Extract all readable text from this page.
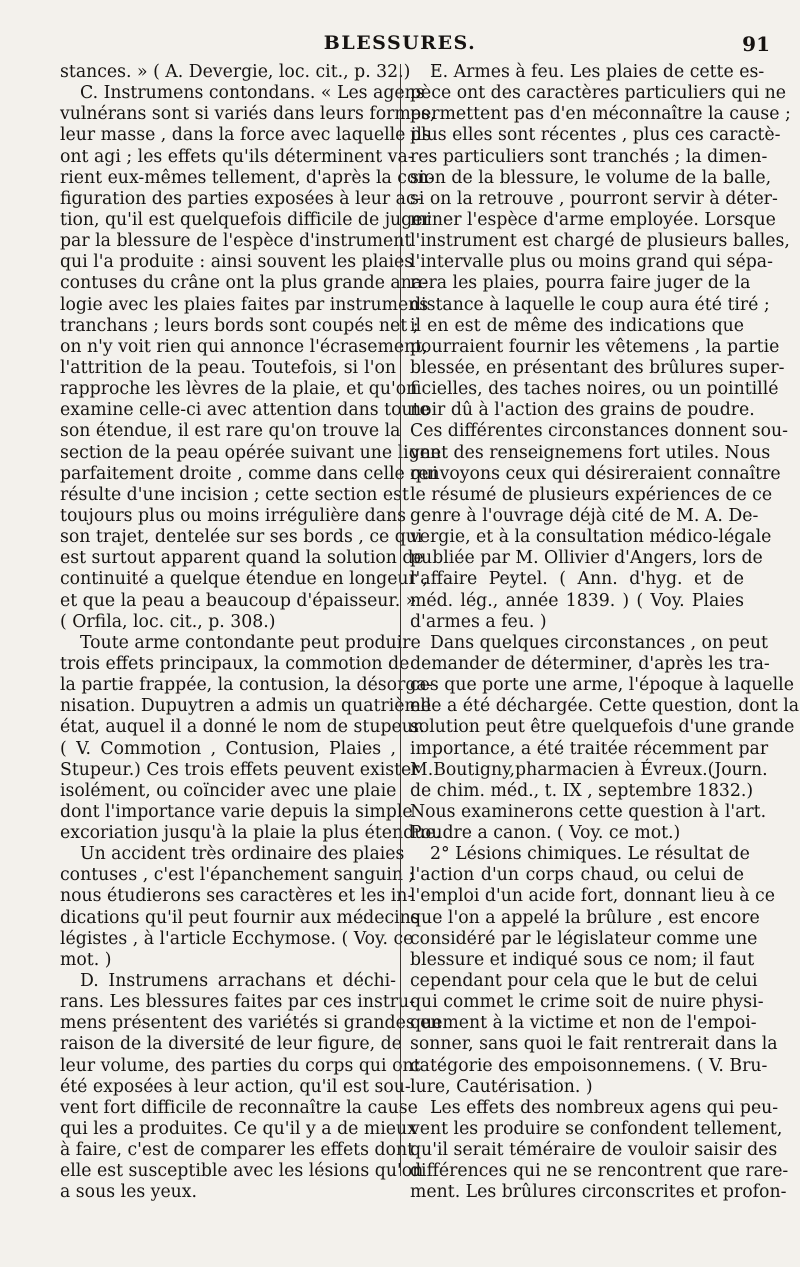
BLESSURES.	91
stances. » ( A. Devergie, loc. cit., p. 32.)
C. Instrumens contondans. « Les agens
vulnérans sont si variés dans leurs formes,
leur masse , dans la force avec laquelle ils
ont agi ; les effets qu'ils déterminent va-
rient eux-mêmes tellement, d'après la con-
figuration des parties exposées à leur ac-
tion, qu'il est quelquefois difficile de juger
par la blessure de l'espèce d'instrument
qui l'a produite : ainsi souvent les plaies
contuses du crâne ont la plus grande ana-
logie avec les plaies faites par instrumens
tranchans ; leurs bords sont coupés net ;
on n'y voit rien qui annonce l'écrasement,
l'attrition de la peau. Toutefois, si l'on
rapproche les lèvres de la plaie, et qu'on
examine celle-ci avec attention dans toute
son étendue, il est rare qu'on trouve la
section de la peau opérée suivant une ligne
parfaitement droite , comme dans celle qui
résulte d'une incision ; cette section est
toujours plus ou moins irrégulière dans
son trajet, dentelée sur ses bords , ce qui
est surtout apparent quand la solution de
continuité a quelque étendue en longeur ,
et que la peau a beaucoup d'épaisseur. »
( Orfila, loc. cit., p. 308.)
Toute arme contondante peut produire
trois effets principaux, la commotion de
la partie frappée, la contusion, la désorga-
nisation. Dupuytren a admis un quatrième
état, auquel il a donné le nom de stupeur.
( V. Commotion , Contusion, Plaies ,
Stupeur.) Ces trois effets peuvent exister
isolément, ou coïncider avec une plaie
dont l'importance varie depuis la simple
excoriation jusqu'à la plaie la plus étendue.
Un accident très ordinaire des plaies
contuses , c'est l'épanchement sanguin ;
nous étudierons ses caractères et les in-
dications qu'il peut fournir aux médecins
légistes , à l'article Ecchymose. ( Voy. ce
mot. )
D. Instrumens arrachans et déchi-
rans. Les blessures faites par ces instru-
mens présentent des variétés si grandes en
raison de la diversité de leur figure, de
leur volume, des parties du corps qui ont
été exposées à leur action, qu'il est sou-
vent fort difficile de reconnaître la cause
qui les a produites. Ce qu'il y a de mieux
à faire, c'est de comparer les effets dont
elle est susceptible avec les lésions qu'on
a sous les yeux.
E. Armes à feu. Les plaies de cette es-
pèce ont des caractères particuliers qui ne
permettent pas d'en méconnaître la cause ;
plus elles sont récentes , plus ces caractè-
res particuliers sont tranchés ; la dimen-
sion de la blessure, le volume de la balle,
si on la retrouve , pourront servir à déter-
miner l'espèce d'arme employée. Lorsque
l'instrument est chargé de plusieurs balles,
l'intervalle plus ou moins grand qui sépa-
rera les plaies, pourra faire juger de la
distance à laquelle le coup aura été tiré ;
il en est de même des indications que
pourraient fournir les vêtemens , la partie
blessée, en présentant des brûlures super-
ficielles, des taches noires, ou un pointillé
noir dû à l'action des grains de poudre.
Ces différentes circonstances donnent sou-
vent des renseignemens fort utiles. Nous
renvoyons ceux qui désireraient connaître
le résumé de plusieurs expériences de ce
genre à l'ouvrage déjà cité de M. A. De-
vergie, et à la consultation médico-légale
publiée par M. Ollivier d'Angers, lors de
l'affaire Peytel. ( Ann. d'hyg. et de
méd. lég., année 1839. ) ( Voy. Plaies
d'armes a feu. )
Dans quelques circonstances , on peut
demander de déterminer, d'après les tra-
ces que porte une arme, l'époque à laquelle
elle a été déchargée. Cette question, dont la
solution peut être quelquefois d'une grande
importance, a été traitée récemment par
M.Boutigny,pharmacien à Évreux.(Journ.
de chim. méd., t. IX , septembre 1832.)
Nous examinerons cette question à l'art.
Poudre a canon. ( Voy. ce mot.)
2° Lésions chimiques. Le résultat de
l'action d'un corps chaud, ou celui de
l'emploi d'un acide fort, donnant lieu à ce
que l'on a appelé la brûlure , est encore
considéré par le législateur comme une
blessure et indiqué sous ce nom; il faut
cependant pour cela que le but de celui
qui commet le crime soit de nuire physi-
quement à la victime et non de l'empoi-
sonner, sans quoi le fait rentrerait dans la
catégorie des empoisonnemens. ( V. Bru-
lure, Cautérisation. )
Les effets des nombreux agens qui peu-
vent les produire se confondent tellement,
qu'il serait téméraire de vouloir saisir des
différences qui ne se rencontrent que rare-
ment. Les brûlures circonscrites et profon-
